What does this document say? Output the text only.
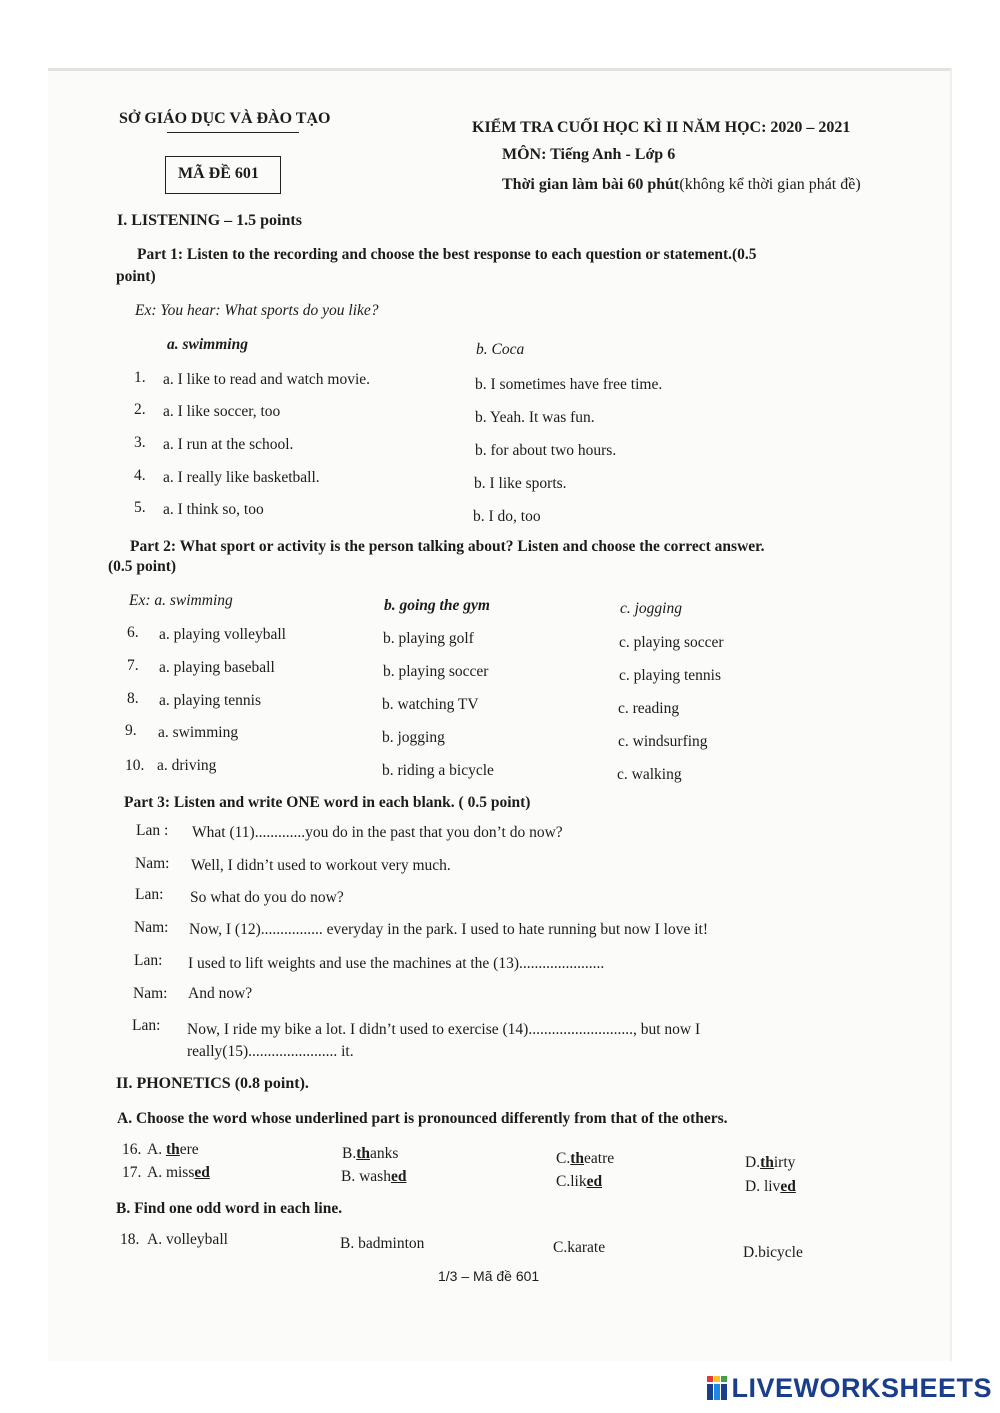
SỞ GIÁO DỤC VÀ ĐÀO TẠO
MÃ ĐỀ 601
KIỂM TRA CUỐI HỌC KÌ II NĂM HỌC: 2020 – 2021
MÔN: Tiếng Anh - Lớp 6
Thời gian làm bài 60 phút(không kể thời gian phát đề)
I. LISTENING – 1.5 points
Part 1: Listen to the recording and choose the best response to each question or statement.(0.5
point)
Ex: You hear: What sports do you like?
a. swimming	b. Coca
1. a. I like to read and watch movie.	b. I sometimes have free time.
2. a. I like soccer, too	b. Yeah. It was fun.
3. a. I run at the school.	b. for about two hours.
4. a. I really like basketball.	b. I like sports.
5. a. I think so, too	b. I do, too
Part 2: What sport or activity is the person talking about? Listen and choose the correct answer.
(0.5 point)
Ex: a. swimming	b. going the gym	c. jogging
6. a. playing volleyball	b. playing golf	c. playing soccer
7. a. playing baseball	b. playing soccer	c. playing tennis
8. a. playing tennis	b. watching TV	c. reading
9. a. swimming	b. jogging	c. windsurfing
10. a. driving	b. riding a bicycle	c. walking
Part 3: Listen and write ONE word in each blank. ( 0.5 point)
Lan : What (11).............you do in the past that you don’t do now?
Nam: Well, I didn’t used to workout very much.
Lan: So what do you do now?
Nam: Now, I (12)................ everyday in the park. I used to hate running but now I love it!
Lan: I used to lift weights and use the machines at the (13)......................
Nam: And now?
Lan: Now, I ride my bike a lot. I didn’t used to exercise (14)..........................., but now I
really(15)....................... it.
II. PHONETICS (0.8 point).
A. Choose the word whose underlined part is pronounced differently from that of the others.
16. A. there	B.thanks	C.theatre	D.thirty
17. A. missed	B. washed	C.liked	D. lived
B. Find one odd word in each line.
18. A. volleyball	B. badminton	C.karate	D.bicycle
1/3 – Mã đề 601
LIVEWORKSHEETS
